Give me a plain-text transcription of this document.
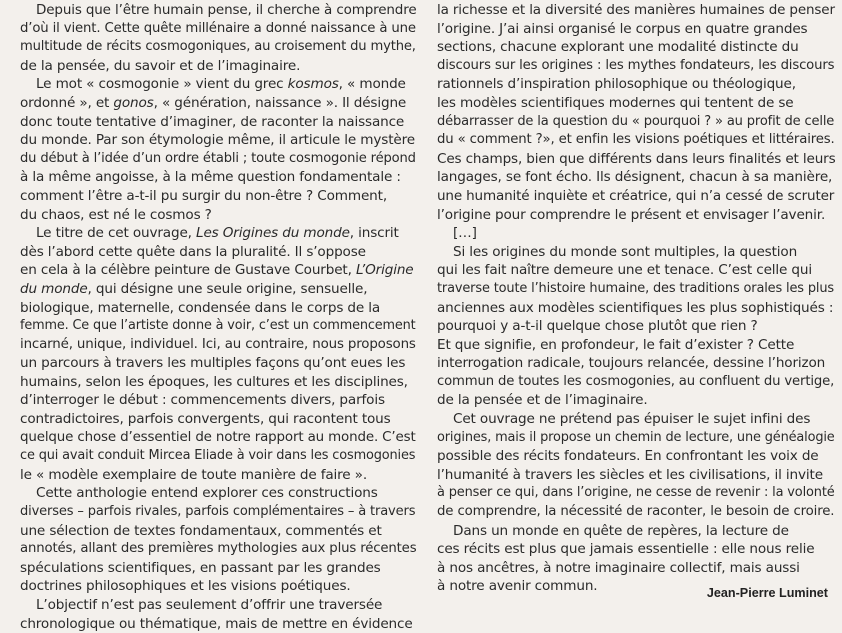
Depuis que l’être humain pense, il cherche à comprendre
d’où il vient. Cette quête millénaire a donné naissance à une
multitude de récits cosmogoniques, au croisement du mythe,
de la pensée, du savoir et de l’imaginaire.
Le mot « cosmogonie » vient du grec kosmos, « monde
ordonné », et gonos, « génération, naissance ». Il désigne
donc toute tentative d’imaginer, de raconter la naissance
du monde. Par son étymologie même, il articule le mystère
du début à l’idée d’un ordre établi ; toute cosmogonie répond
à la même angoisse, à la même question fondamentale :
comment l’être a-t-il pu surgir du non-être ? Comment,
du chaos, est né le cosmos ?
Le titre de cet ouvrage, Les Origines du monde, inscrit
dès l’abord cette quête dans la pluralité. Il s’oppose
en cela à la célèbre peinture de Gustave Courbet, L’Origine
du monde, qui désigne une seule origine, sensuelle,
biologique, maternelle, condensée dans le corps de la
femme. Ce que l’artiste donne à voir, c’est un commencement
incarné, unique, individuel. Ici, au contraire, nous proposons
un parcours à travers les multiples façons qu’ont eues les
humains, selon les époques, les cultures et les disciplines,
d’interroger le début : commencements divers, parfois
contradictoires, parfois convergents, qui racontent tous
quelque chose d’essentiel de notre rapport au monde. C’est
ce qui avait conduit Mircea Eliade à voir dans les cosmogonies
le « modèle exemplaire de toute manière de faire ».
Cette anthologie entend explorer ces constructions
diverses – parfois rivales, parfois complémentaires – à travers
une sélection de textes fondamentaux, commentés et
annotés, allant des premières mythologies aux plus récentes
spéculations scientifiques, en passant par les grandes
doctrines philosophiques et les visions poétiques.
L’objectif n’est pas seulement d’offrir une traversée
chronologique ou thématique, mais de mettre en évidence
la richesse et la diversité des manières humaines de penser
l’origine. J’ai ainsi organisé le corpus en quatre grandes
sections, chacune explorant une modalité distincte du
discours sur les origines : les mythes fondateurs, les discours
rationnels d’inspiration philosophique ou théologique,
les modèles scientifiques modernes qui tentent de se
débarrasser de la question du « pourquoi ? » au profit de celle
du « comment ?», et enfin les visions poétiques et littéraires.
Ces champs, bien que différents dans leurs finalités et leurs
langages, se font écho. Ils désignent, chacun à sa manière,
une humanité inquiète et créatrice, qui n’a cessé de scruter
l’origine pour comprendre le présent et envisager l’avenir.
[…]
Si les origines du monde sont multiples, la question
qui les fait naître demeure une et tenace. C’est celle qui
traverse toute l’histoire humaine, des traditions orales les plus
anciennes aux modèles scientifiques les plus sophistiqués :
pourquoi y a-t-il quelque chose plutôt que rien ?
Et que signifie, en profondeur, le fait d’exister ? Cette
interrogation radicale, toujours relancée, dessine l’horizon
commun de toutes les cosmogonies, au confluent du vertige,
de la pensée et de l’imaginaire.
Cet ouvrage ne prétend pas épuiser le sujet infini des
origines, mais il propose un chemin de lecture, une généalogie
possible des récits fondateurs. En confrontant les voix de
l’humanité à travers les siècles et les civilisations, il invite
à penser ce qui, dans l’origine, ne cesse de revenir : la volonté
de comprendre, la nécessité de raconter, le besoin de croire.
Dans un monde en quête de repères, la lecture de
ces récits est plus que jamais essentielle : elle nous relie
à nos ancêtres, à notre imaginaire collectif, mais aussi
à notre avenir commun.	Jean-Pierre Luminet
